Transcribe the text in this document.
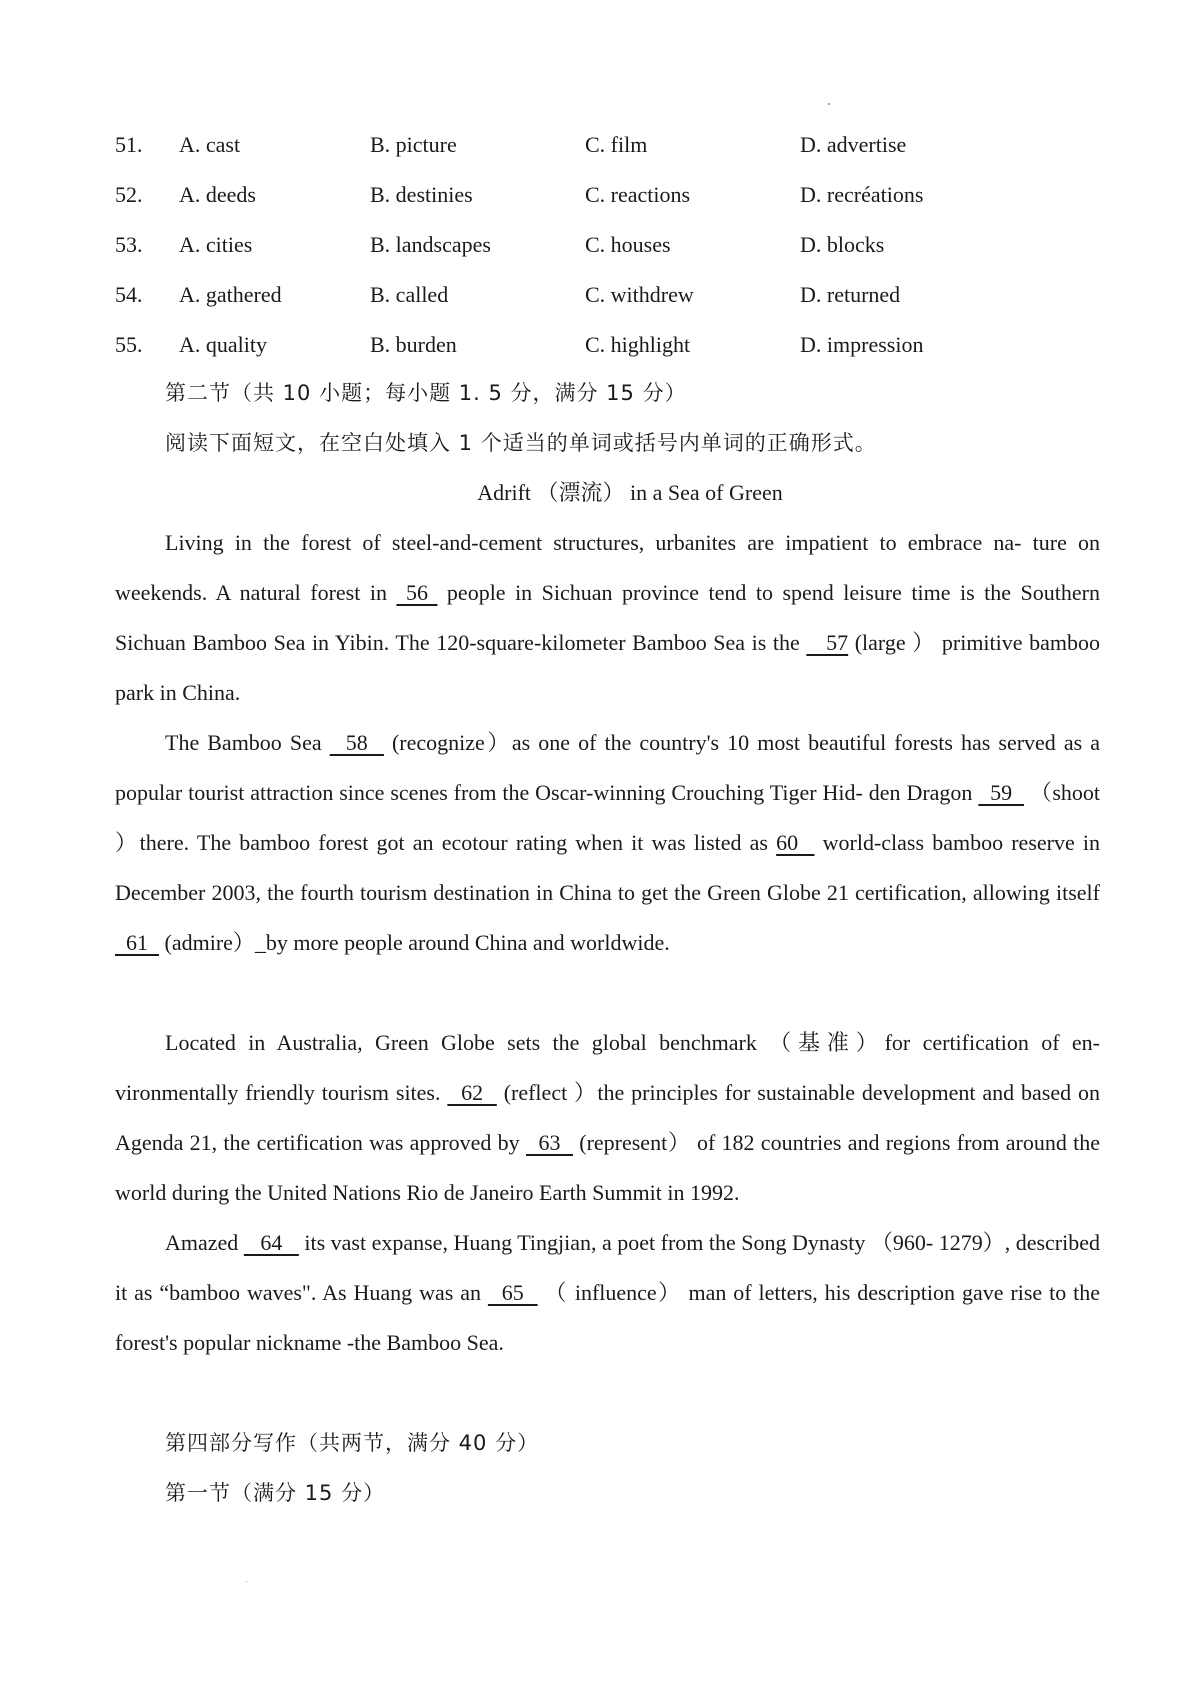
51. A. cast	B. picture	C. film	D. advertise
52. A. deeds	B. destinies	C. reactions	D. recréations
53. A. cities	B. landscapes	C. houses	D. blocks
54. A. gathered	B. called	C. withdrew	D. returned
55. A. quality	B. burden	C. highlight	D. impression
第二节（共 10 小题；每小题 1. 5 分，满分 15 分）
阅读下面短文，在空白处填入 1 个适当的单词或括号内单词的正确形式。
Adrift （漂流） in a Sea of Green
Living in the forest of steel-and-cement structures, urbanites are impatient to embrace na- ture on weekends. A natural forest in  56  people in Sichuan province tend to spend leisure time is the Southern Sichuan Bamboo Sea in Yibin. The 120-square-kilometer Bamboo Sea is the    57 (large ） primitive bamboo park in China.
The Bamboo Sea   58   (recognize）as one of the country's 10 most beautiful forests has served as a popular tourist attraction since scenes from the Oscar-winning Crouching Tiger Hid- den Dragon   59   （shoot ）there. The bamboo forest got an ecotour rating when it was listed as 60   world-class bamboo reserve in December 2003, the fourth tourism destination in China to get the Green Globe 21 certification, allowing itself   61   (admire）_by more people around China and worldwide.
Located in Australia, Green Globe sets the global benchmark （基准）for certification of en- vironmentally friendly tourism sites.   62   (reflect ）the principles for sustainable development and based on Agenda 21, the certification was approved by   63   (represent） of 182 countries and regions from around the world during the United Nations Rio de Janeiro Earth Summit in 1992.
Amazed    64    its vast expanse, Huang Tingjian, a poet from the Song Dynasty （960- 1279）, described it as “bamboo waves". As Huang was an   65   （ influence） man of letters, his description gave rise to the forest's popular nickname -the Bamboo Sea.
第四部分写作（共两节，满分 40 分）
第一节（满分 15 分）
